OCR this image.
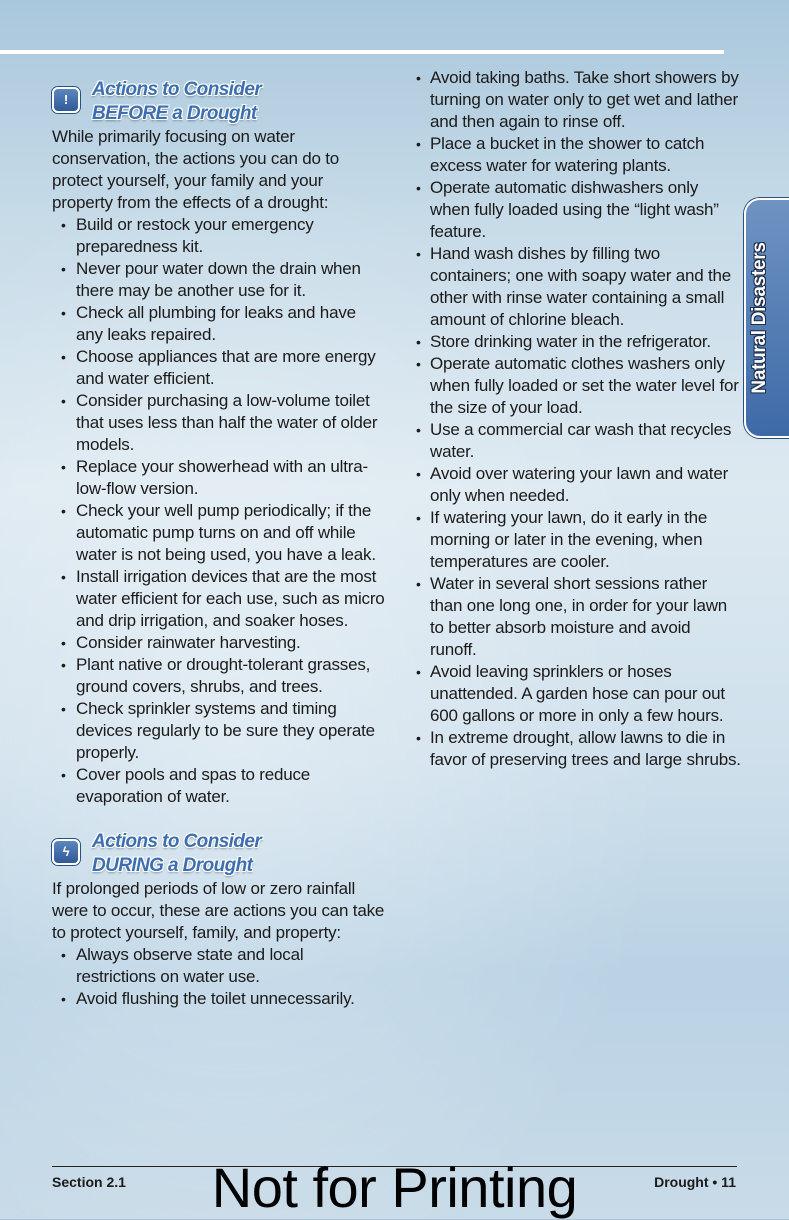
!	Actions to Consider
BEFORE a Drought

While primarily focusing on water conservation, the actions you can do to protect yourself, your family and your property from the effects of a drought:

• Build or restock your emergency preparedness kit.
• Never pour water down the drain when there may be another use for it.
• Check all plumbing for leaks and have any leaks repaired.
• Choose appliances that are more energy and water efficient.
• Consider purchasing a low-volume toilet that uses less than half the water of older models.
• Replace your showerhead with an ultra-low-flow version.
• Check your well pump periodically; if the automatic pump turns on and off while water is not being used, you have a leak.
• Install irrigation devices that are the most water efficient for each use, such as micro and drip irrigation, and soaker hoses.
• Consider rainwater harvesting.
• Plant native or drought-tolerant grasses, ground covers, shrubs, and trees.
• Check sprinkler systems and timing devices regularly to be sure they operate properly.
• Cover pools and spas to reduce evaporation of water.
ϟ	Actions to Consider
DURING a Drought

If prolonged periods of low or zero rainfall were to occur, these are actions you can take to protect yourself, family, and property:

• Always observe state and local restrictions on water use.
• Avoid flushing the toilet unnecessarily.
• Avoid taking baths. Take short showers by turning on water only to get wet and lather and then again to rinse off.
• Place a bucket in the shower to catch excess water for watering plants.
• Operate automatic dishwashers only when fully loaded using the “light wash” feature.
• Hand wash dishes by filling two containers; one with soapy water and the other with rinse water containing a small amount of chlorine bleach.
• Store drinking water in the refrigerator.
• Operate automatic clothes washers only when fully loaded or set the water level for the size of your load.
• Use a commercial car wash that recycles water.
• Avoid over watering your lawn and water only when needed.
• If watering your lawn, do it early in the morning or later in the evening, when temperatures are cooler.
• Water in several short sessions rather than one long one, in order for your lawn to better absorb moisture and avoid runoff.
• Avoid leaving sprinklers or hoses unattended. A garden hose can pour out 600 gallons or more in only a few hours.
• In extreme drought, allow lawns to die in favor of preserving trees and large shrubs.
Natural Disasters
Section 2.1	Drought • 11
Not for Printing
